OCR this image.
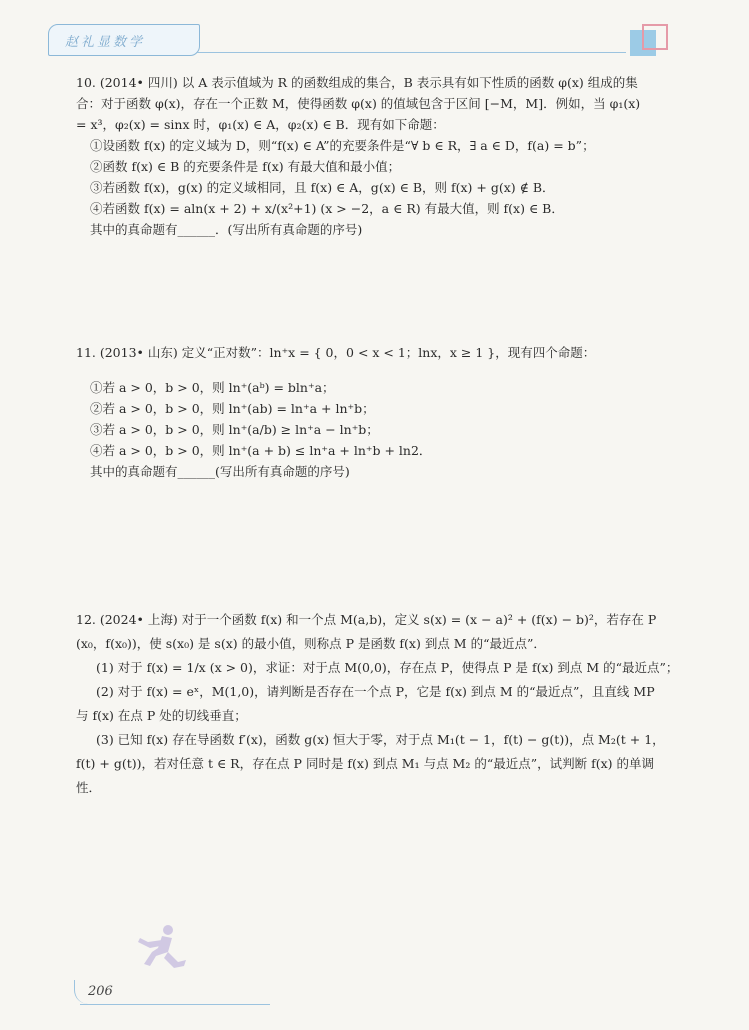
赵礼显数学
10. (2014• 四川) 以 A 表示值域为 R 的函数组成的集合，B 表示具有如下性质的函数 φ(x) 组成的集
合：对于函数 φ(x)，存在一个正数 M，使得函数 φ(x) 的值域包含于区间 [−M，M]．例如，当 φ₁(x)
= x³，φ₂(x) = sinx 时，φ₁(x) ∈ A，φ₂(x) ∈ B．现有如下命题：
①设函数 f(x) 的定义域为 D，则“f(x) ∈ A”的充要条件是“∀ b ∈ R，∃ a ∈ D，f(a) = b”；
②函数 f(x) ∈ B 的充要条件是 f(x) 有最大值和最小值；
③若函数 f(x)，g(x) 的定义域相同，且 f(x) ∈ A，g(x) ∈ B，则 f(x) + g(x) ∉ B．
④若函数 f(x) = aln(x + 2) + x/(x²+1) (x > −2，a ∈ R) 有最大值，则 f(x) ∈ B．
其中的真命题有______．(写出所有真命题的序号)
11. (2013• 山东) 定义“正对数”：ln⁺x = { 0，0 < x < 1；lnx，x ≥ 1 }，现有四个命题：
①若 a > 0，b > 0，则 ln⁺(aᵇ) = bln⁺a；
②若 a > 0，b > 0，则 ln⁺(ab) = ln⁺a + ln⁺b；
③若 a > 0，b > 0，则 ln⁺(a/b) ≥ ln⁺a − ln⁺b；
④若 a > 0，b > 0，则 ln⁺(a + b) ≤ ln⁺a + ln⁺b + ln2．
其中的真命题有______(写出所有真命题的序号)
12. (2024• 上海) 对于一个函数 f(x) 和一个点 M(a,b)，定义 s(x) = (x − a)² + (f(x) − b)²，若存在 P
(x₀，f(x₀))，使 s(x₀) 是 s(x) 的最小值，则称点 P 是函数 f(x) 到点 M 的“最近点”．
(1) 对于 f(x) = 1/x (x > 0)，求证：对于点 M(0,0)，存在点 P，使得点 P 是 f(x) 到点 M 的“最近点”；
(2) 对于 f(x) = eˣ，M(1,0)，请判断是否存在一个点 P，它是 f(x) 到点 M 的“最近点”，且直线 MP
与 f(x) 在点 P 处的切线垂直；
(3) 已知 f(x) 存在导函数 f′(x)，函数 g(x) 恒大于零，对于点 M₁(t − 1，f(t) − g(t))，点 M₂(t + 1，
f(t) + g(t))，若对任意 t ∈ R，存在点 P 同时是 f(x) 到点 M₁ 与点 M₂ 的“最近点”，试判断 f(x) 的单调
性．
206
